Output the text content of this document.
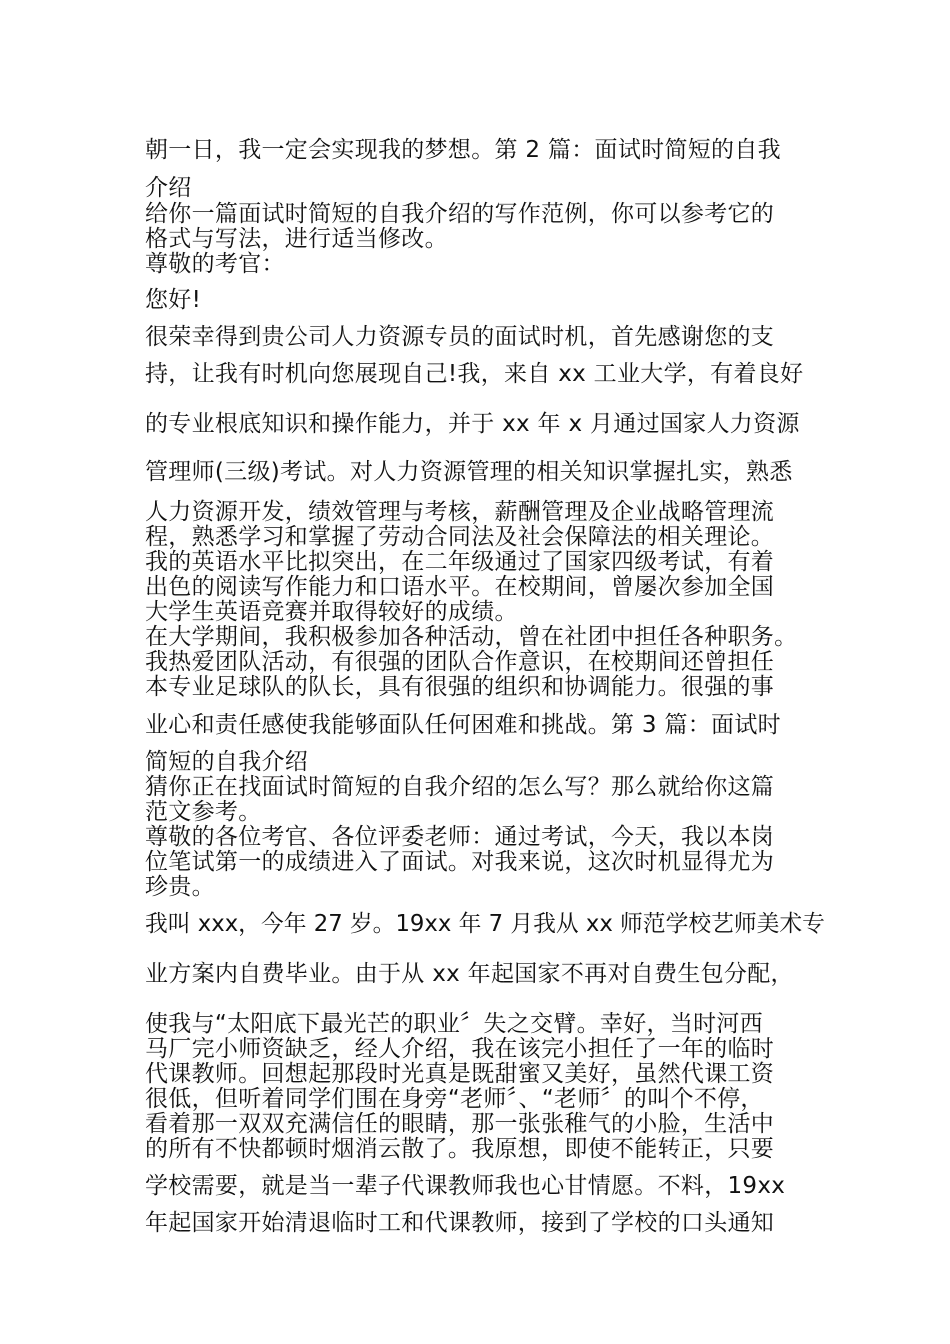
朝一日，我一定会实现我的梦想。第 2 篇：面试时简短的自我
介绍
给你一篇面试时简短的自我介绍的写作范例，你可以参考它的
格式与写法，进行适当修改。
尊敬的考官：
您好!
很荣幸得到贵公司人力资源专员的面试时机，首先感谢您的支
持，让我有时机向您展现自己!我，来自 xx 工业大学，有着良好
的专业根底知识和操作能力，并于 xx 年 x 月通过国家人力资源
管理师(三级)考试。对人力资源管理的相关知识掌握扎实，熟悉
人力资源开发，绩效管理与考核，薪酬管理及企业战略管理流
程，熟悉学习和掌握了劳动合同法及社会保障法的相关理论。
我的英语水平比拟突出，在二年级通过了国家四级考试，有着
出色的阅读写作能力和口语水平。在校期间，曾屡次参加全国
大学生英语竞赛并取得较好的成绩。
在大学期间，我积极参加各种活动，曾在社团中担任各种职务。
我热爱团队活动，有很强的团队合作意识，在校期间还曾担任
本专业足球队的队长，具有很强的组织和协调能力。很强的事
业心和责任感使我能够面队任何困难和挑战。第 3 篇：面试时
简短的自我介绍
猜你正在找面试时简短的自我介绍的怎么写？那么就给你这篇
范文参考。
尊敬的各位考官、各位评委老师：通过考试，今天，我以本岗
位笔试第一的成绩进入了面试。对我来说，这次时机显得尤为
珍贵。
我叫 xxx，今年 27 岁。19xx 年 7 月我从 xx 师范学校艺师美术专
业方案内自费毕业。由于从 xx 年起国家不再对自费生包分配，
使我与“太阳底下最光芒的职业〞失之交臂。幸好，当时河西
马厂完小师资缺乏，经人介绍，我在该完小担任了一年的临时
代课教师。回想起那段时光真是既甜蜜又美好，虽然代课工资
很低，但听着同学们围在身旁“老师〞、“老师〞的叫个不停，
看着那一双双充满信任的眼睛，那一张张稚气的小脸，生活中
的所有不快都顿时烟消云散了。我原想，即使不能转正，只要
学校需要，就是当一辈子代课教师我也心甘情愿。不料，19xx
年起国家开始清退临时工和代课教师，接到了学校的口头通知
